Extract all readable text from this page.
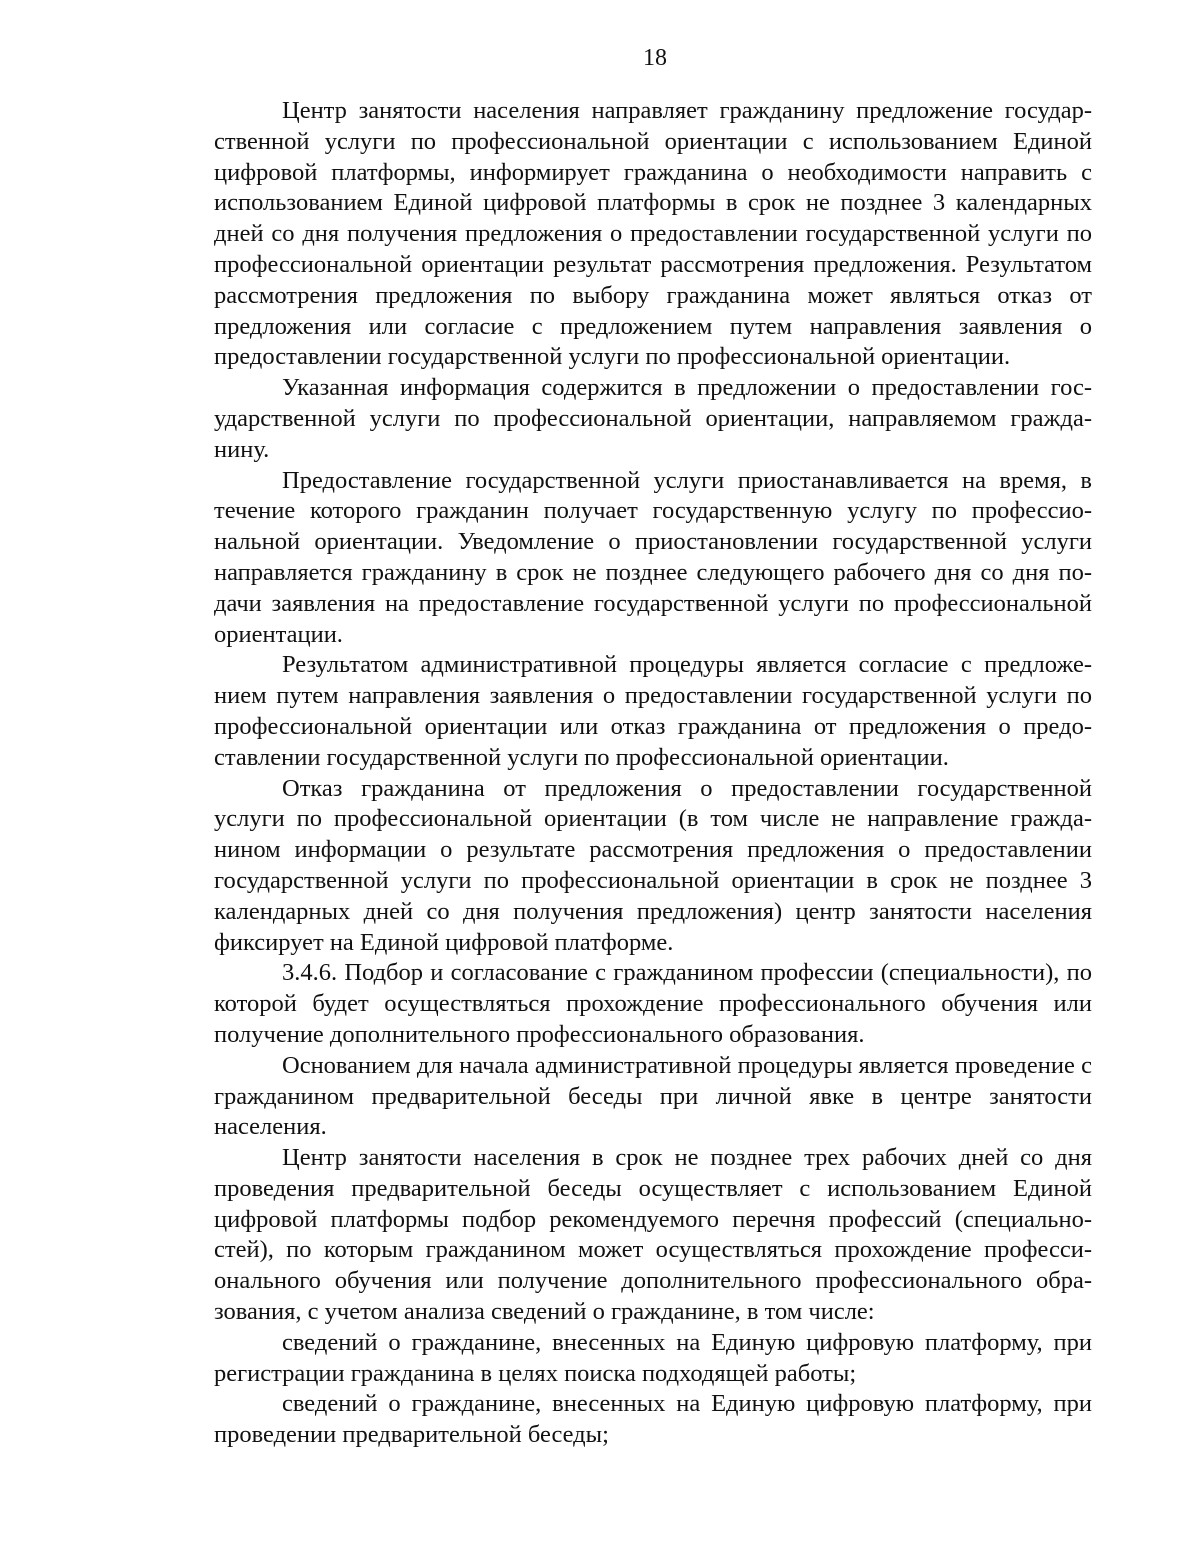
18

Центр занятости населения направляет гражданину предложение государственной услуги по профессиональной ориентации с использованием Единой цифровой платформы, информирует гражданина о необходимости направить с использованием Единой цифровой платформы в срок не позднее 3 календарных дней со дня получения предложения о предоставлении государственной услуги по профессиональной ориентации результат рассмотрения предложения. Результатом рассмотрения предложения по выбору гражданина может являться отказ от предложения или согласие с предложением путем направления заявления о предоставлении государственной услуги по профессиональной ориентации.

Указанная информация содержится в предложении о предоставлении государственной услуги по профессиональной ориентации, направляемом гражданину.

Предоставление государственной услуги приостанавливается на время, в течение которого гражданин получает государственную услугу по профессиональной ориентации. Уведомление о приостановлении государственной услуги направляется гражданину в срок не позднее следующего рабочего дня со дня подачи заявления на предоставление государственной услуги по профессиональной ориентации.

Результатом административной процедуры является согласие с предложением путем направления заявления о предоставлении государственной услуги по профессиональной ориентации или отказ гражданина от предложения о предоставлении государственной услуги по профессиональной ориентации.

Отказ гражданина от предложения о предоставлении государственной услуги по профессиональной ориентации (в том числе не направление гражданином информации о результате рассмотрения предложения о предоставлении государственной услуги по профессиональной ориентации в срок не позднее 3 календарных дней со дня получения предложения) центр занятости населения фиксирует на Единой цифровой платформе.

3.4.6. Подбор и согласование с гражданином профессии (специальности), по которой будет осуществляться прохождение профессионального обучения или получение дополнительного профессионального образования.

Основанием для начала административной процедуры является проведение с гражданином предварительной беседы при личной явке в центре занятости населения.

Центр занятости населения в срок не позднее трех рабочих дней со дня проведения предварительной беседы осуществляет с использованием Единой цифровой платформы подбор рекомендуемого перечня профессий (специальностей), по которым гражданином может осуществляться прохождение профессионального обучения или получение дополнительного профессионального образования, с учетом анализа сведений о гражданине, в том числе:

сведений о гражданине, внесенных на Единую цифровую платформу, при регистрации гражданина в целях поиска подходящей работы;

сведений о гражданине, внесенных на Единую цифровую платформу, при проведении предварительной беседы;
